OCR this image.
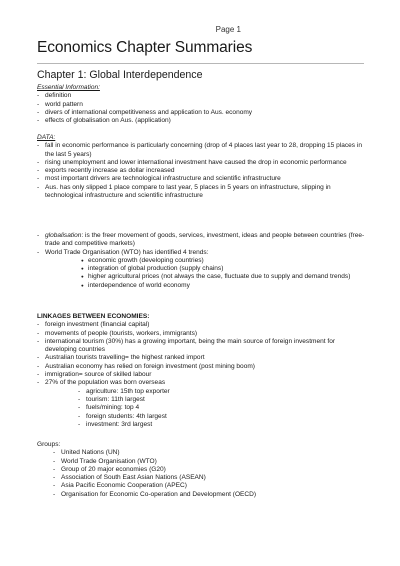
Page 1
Economics Chapter Summaries
Chapter 1: Global Interdependence
Essential Information:
- definition
- world pattern
- divers of international competitiveness and application to Aus. economy
- effects of globalisation on Aus. (application)
DATA:
- fall in economic performance is particularly concerning (drop of 4 places last year to 28, dropping 15 places in the last 5 years)
- rising unemployment and lower international investment have caused the drop in economic performance
- exports recently increase as dollar increased
- most important drivers are technological infrastructure and scientific infrastructure
- Aus. has only slipped 1 place compare to last year, 5 places in 5 years on infrastructure, slipping in technological infrastructure and scientific infrastructure
- globalisation: is the freer movement of goods, services, investment, ideas and people between countries (free-trade and competitive markets)
- World Trade Organisation (WTO) has identified 4 trends:
● economic growth (developing countries)
● integration of global production (supply chains)
● higher agricultural prices (not always the case, fluctuate due to supply and demand trends)
● interdependence of world economy
LINKAGES BETWEEN ECONOMIES:
- foreign investment (financial capital)
- movements of people (tourists, workers, immigrants)
- international tourism (30%) has a growing important, being the main source of foreign investment for developing countries
- Australian tourists travelling= the highest ranked import
- Australian economy has relied on foreign investment (post mining boom)
- immigration= source of skilled labour
- 27% of the population was born overseas
- agriculture: 15th top exporter
- tourism: 11th largest
- fuels/mining: top 4
- foreign students: 4th largest
- investment: 3rd largest
Groups:
- United Nations (UN)
- World Trade Organisation (WTO)
- Group of 20 major economies (G20)
- Association of South East Asian Nations (ASEAN)
- Asia Pacific Economic Cooperation (APEC)
- Organisation for Economic Co-operation and Development (OECD)
